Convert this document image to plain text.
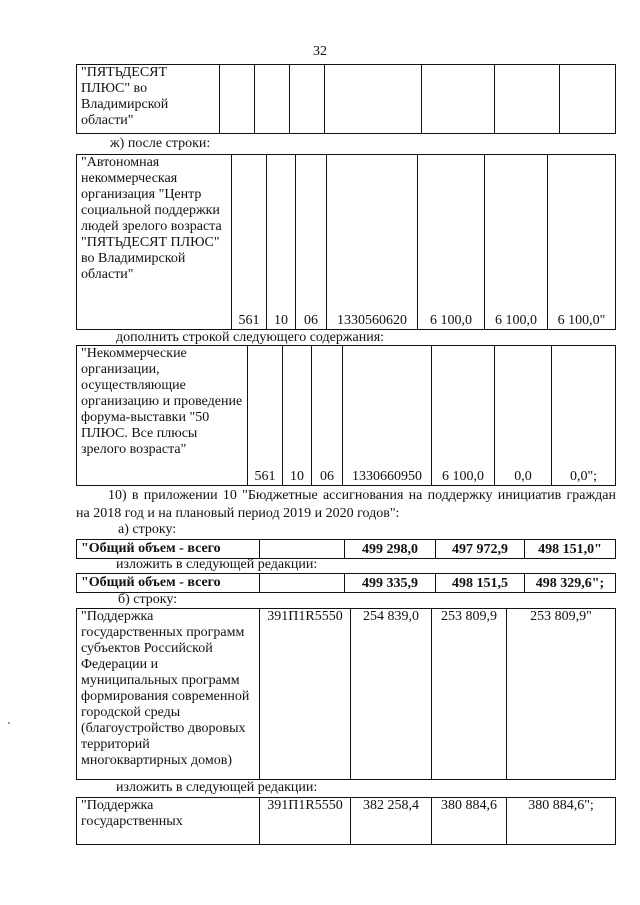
32
"ПЯТЬДЕСЯТ ПЛЮС" во Владимирской области"							
ж) после строки:
"Автономная некоммерческая организация "Центр социальной поддержки людей зрелого возраста "ПЯТЬДЕСЯТ ПЛЮС" во Владимирской области"	561	10	06	1330560620	6 100,0	6 100,0	6 100,0"
дополнить строкой следующего содержания:
"Некоммерческие организации, осуществляющие организацию и проведение форума-выставки "50 ПЛЮС. Все плюсы зрелого возраста"	561	10	06	1330660950	6 100,0	0,0	0,0";
10) в приложении 10 "Бюджетные ассигнования на поддержку инициатив граждан на 2018 год и на плановый период 2019 и 2020 годов":
а) строку:
"Общий объем - всего		499 298,0	497 972,9	498 151,0"
изложить в следующей редакции:
"Общий объем - всего		499 335,9	498 151,5	498 329,6";
б) строку:
"Поддержка государственных программ субъектов Российской Федерации и муниципальных программ формирования современной городской среды (благоустройство дворовых территорий многоквартирных домов)	391П1R5550	254 839,0	253 809,9	253 809,9"
изложить в следующей редакции:
"Поддержка государственных	391П1R5550	382 258,4	380 884,6	380 884,6";
